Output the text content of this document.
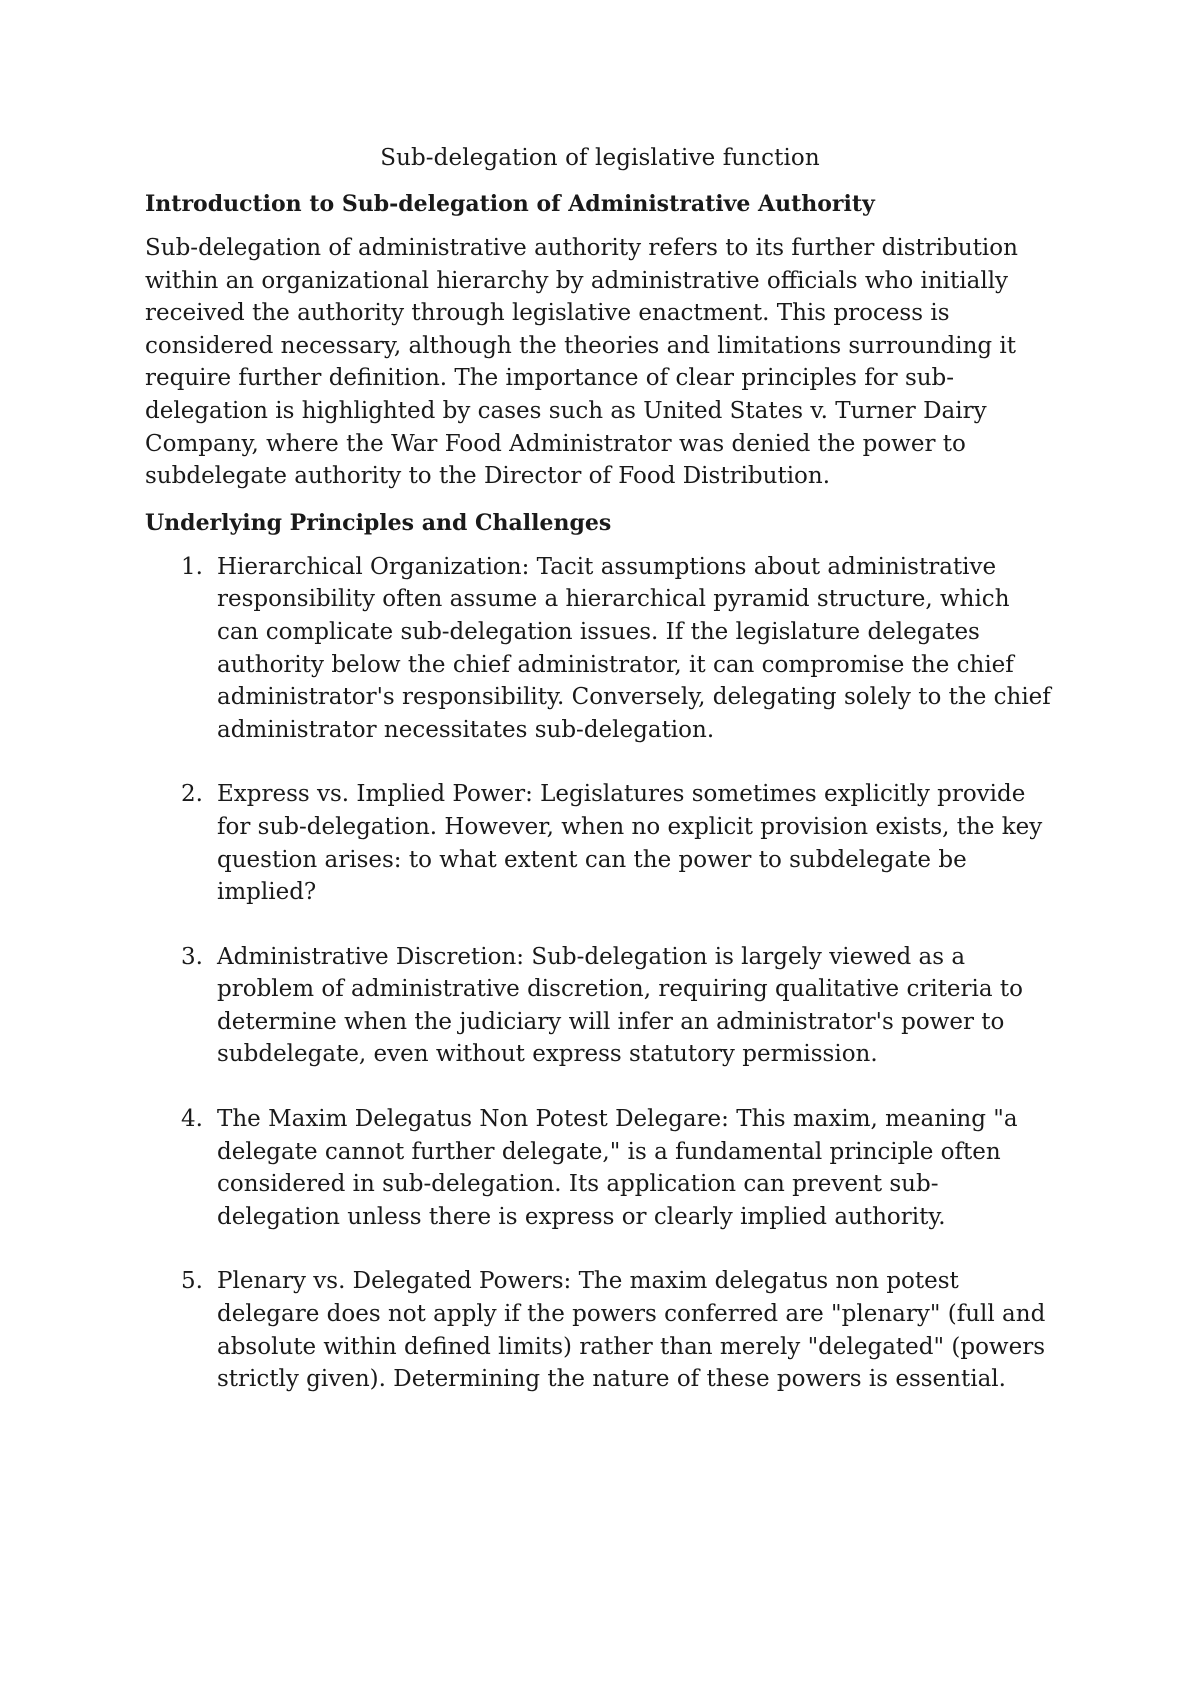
Sub-delegation of legislative function
Introduction to Sub-delegation of Administrative Authority

Sub-delegation of administrative authority refers to its further distribution within an organizational hierarchy by administrative officials who initially received the authority through legislative enactment. This process is considered necessary, although the theories and limitations surrounding it require further definition. The importance of clear principles for sub-delegation is highlighted by cases such as United States v. Turner Dairy Company, where the War Food Administrator was denied the power to subdelegate authority to the Director of Food Distribution.

Underlying Principles and Challenges
1. Hierarchical Organization: Tacit assumptions about administrative responsibility often assume a hierarchical pyramid structure, which can complicate sub-delegation issues. If the legislature delegates authority below the chief administrator, it can compromise the chief administrator's responsibility. Conversely, delegating solely to the chief administrator necessitates sub-delegation.
2. Express vs. Implied Power: Legislatures sometimes explicitly provide for sub-delegation. However, when no explicit provision exists, the key question arises: to what extent can the power to subdelegate be implied?
3. Administrative Discretion: Sub-delegation is largely viewed as a problem of administrative discretion, requiring qualitative criteria to determine when the judiciary will infer an administrator's power to subdelegate, even without express statutory permission.
4. The Maxim Delegatus Non Potest Delegare: This maxim, meaning "a delegate cannot further delegate," is a fundamental principle often considered in sub-delegation. Its application can prevent sub-delegation unless there is express or clearly implied authority.
5. Plenary vs. Delegated Powers: The maxim delegatus non potest delegare does not apply if the powers conferred are "plenary" (full and absolute within defined limits) rather than merely "delegated" (powers strictly given). Determining the nature of these powers is essential.
